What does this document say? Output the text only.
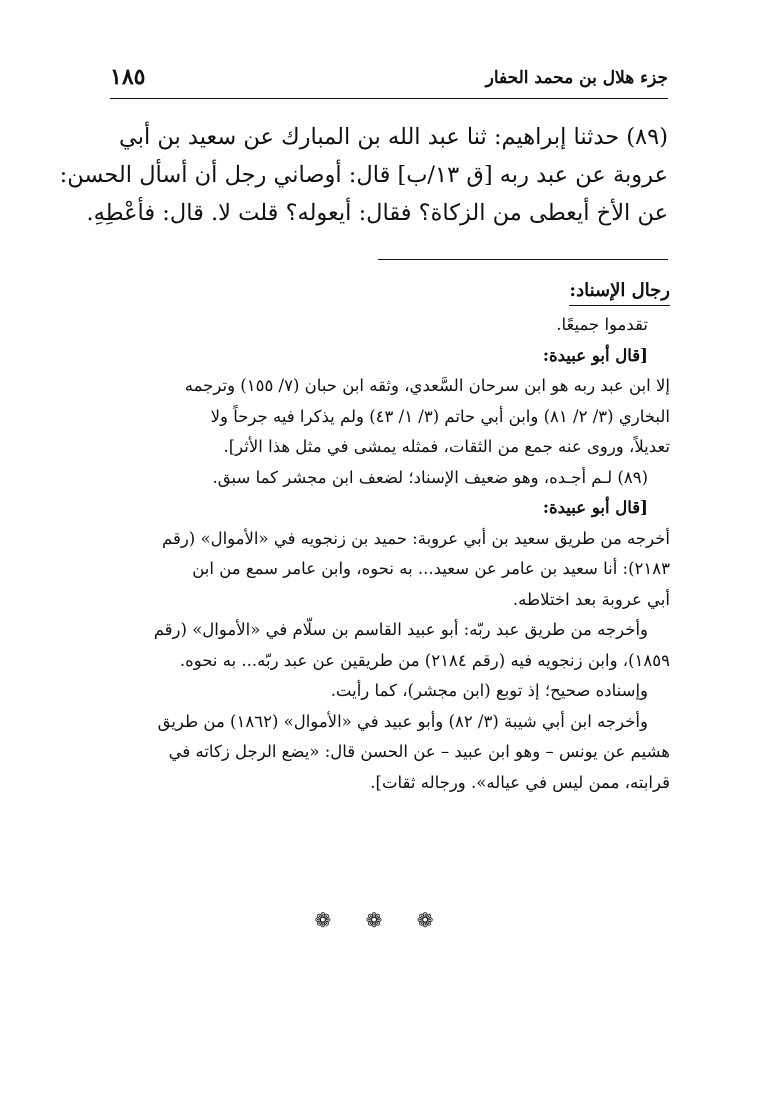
جزء هلال بن محمد الحفار
١٨٥

(٨٩) حدثنا إبراهيم: ثنا عبد الله بن المبارك عن سعيد بن أبي

عروبة عن عبد ربه [ق ١٣/ب] قال: أوصاني رجل أن أسأل الحسن:

عن الأخ أيعطى من الزكاة؟ فقال: أيعوله؟ قلت لا. قال: فأعْطِهِ.

رجال الإسناد:

تقدموا جميعًا.

[قال أبو عبيدة:

إلا ابن عبد ربه هو ابن سرحان السَّعدي، وثقه ابن حبان (٧/ ١٥٥) وترجمه

البخاري (٣/ ٢/ ٨١) وابن أبي حاتم (٣/ ١/ ٤٣) ولم يذكرا فيه جرحاً ولا

تعديلاً، وروى عنه جمع من الثقات، فمثله يمشى في مثل هذا الأثر].

(٨٩) لـم أجـده، وهو ضعيف الإسناد؛ لضعف ابن مجشر كما سبق.

[قال أبو عبيدة:

أخرجه من طريق سعيد بن أبي عروبة: حميد بن زنجويه في «الأموال» (رقم

٢١٨٣): أنا سعيد بن عامر عن سعيد... به نحوه، وابن عامر سمع من ابن

أبي عروبة بعد اختلاطه.

وأخرجه من طريق عبد ربّه: أبو عبيد القاسم بن سلّام في «الأموال» (رقم

١٨٥٩)، وابن زنجويه فيه (رقم ٢١٨٤) من طريقين عن عبد ربّه... به نحوه.

وإسناده صحيح؛ إذ توبع (ابن مجشر)، كما رأيت.

وأخرجه ابن أبي شيبة (٣/ ٨٢) وأبو عبيد في «الأموال» (١٨٦٢) من طريق

هشيم عن يونس – وهو ابن عبيد – عن الحسن قال: «يضع الرجل زكاته في

قرابته، ممن ليس في عياله». ورجاله ثقات].

❁ ❁ ❁
